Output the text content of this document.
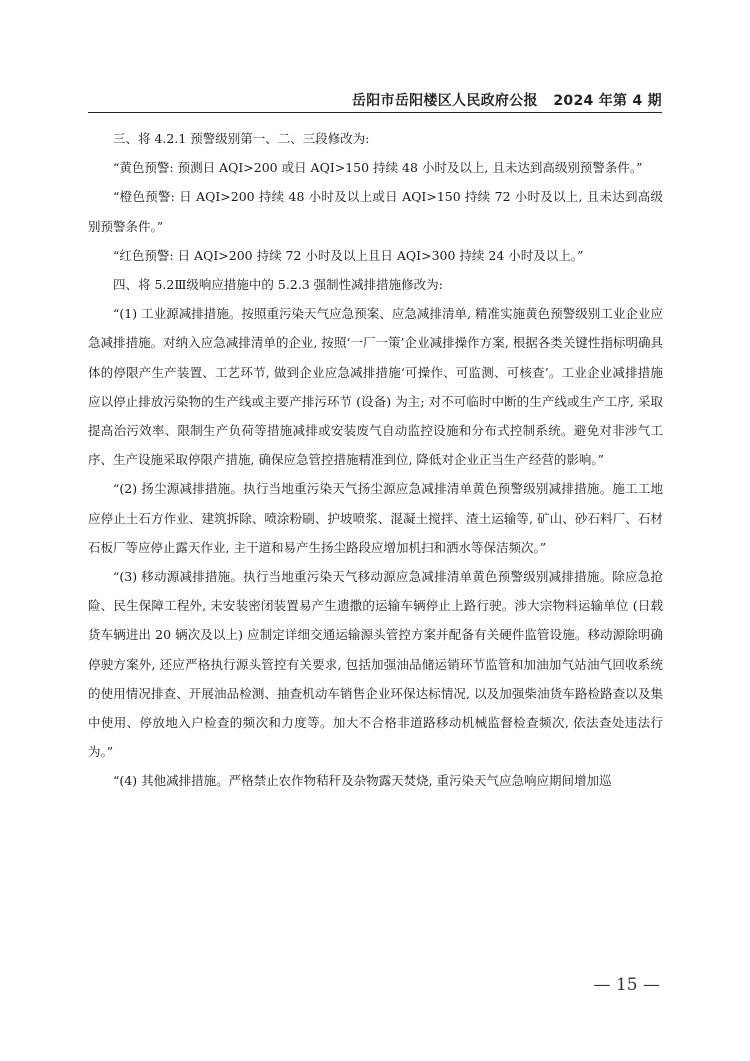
岳阳市岳阳楼区人民政府公报 2024 年第 4 期

三、将 4.2.1 预警级别第一、二、三段修改为:

“黄色预警: 预测日 AQI>200 或日 AQI>150 持续 48 小时及以上, 且未达到高级别预警条件。”

“橙色预警: 日 AQI>200 持续 48 小时及以上或日 AQI>150 持续 72 小时及以上, 且未达到高级别预警条件。”

“红色预警: 日 AQI>200 持续 72 小时及以上且日 AQI>300 持续 24 小时及以上。”

四、将 5.2Ⅲ级响应措施中的 5.2.3 强制性减排措施修改为:

“(1) 工业源减排措施。按照重污染天气应急预案、应急减排清单, 精准实施黄色预警级别工业企业应急减排措施。对纳入应急减排清单的企业, 按照‘一厂一策’企业减排操作方案, 根据各类关键性指标明确具体的停限产生产装置、工艺环节, 做到企业应急减排措施‘可操作、可监测、可核查’。工业企业减排措施应以停止排放污染物的生产线或主要产排污环节 (设备) 为主; 对不可临时中断的生产线或生产工序, 采取提高治污效率、限制生产负荷等措施减排或安装废气自动监控设施和分布式控制系统。避免对非涉气工序、生产设施采取停限产措施, 确保应急管控措施精准到位, 降低对企业正当生产经营的影响。”

“(2) 扬尘源减排措施。执行当地重污染天气扬尘源应急减排清单黄色预警级别减排措施。施工工地应停止土石方作业、建筑拆除、喷涂粉刷、护坡喷浆、混凝土搅拌、渣土运输等, 矿山、砂石料厂、石材石板厂等应停止露天作业, 主干道和易产生扬尘路段应增加机扫和洒水等保洁频次。”

“(3) 移动源减排措施。执行当地重污染天气移动源应急减排清单黄色预警级别减排措施。除应急抢险、民生保障工程外, 未安装密闭装置易产生遗撒的运输车辆停止上路行驶。涉大宗物料运输单位 (日载货车辆进出 20 辆次及以上) 应制定详细交通运输源头管控方案并配备有关硬件监管设施。移动源除明确停驶方案外, 还应严格执行源头管控有关要求, 包括加强油品储运销环节监管和加油加气站油气回收系统的使用情况排查、开展油品检测、抽查机动车销售企业环保达标情况, 以及加强柴油货车路检路查以及集中使用、停放地入户检查的频次和力度等。加大不合格非道路移动机械监督检查频次, 依法查处违法行为。”

“(4) 其他减排措施。严格禁止农作物秸秆及杂物露天焚烧, 重污染天气应急响应期间增加巡

— 15 —
